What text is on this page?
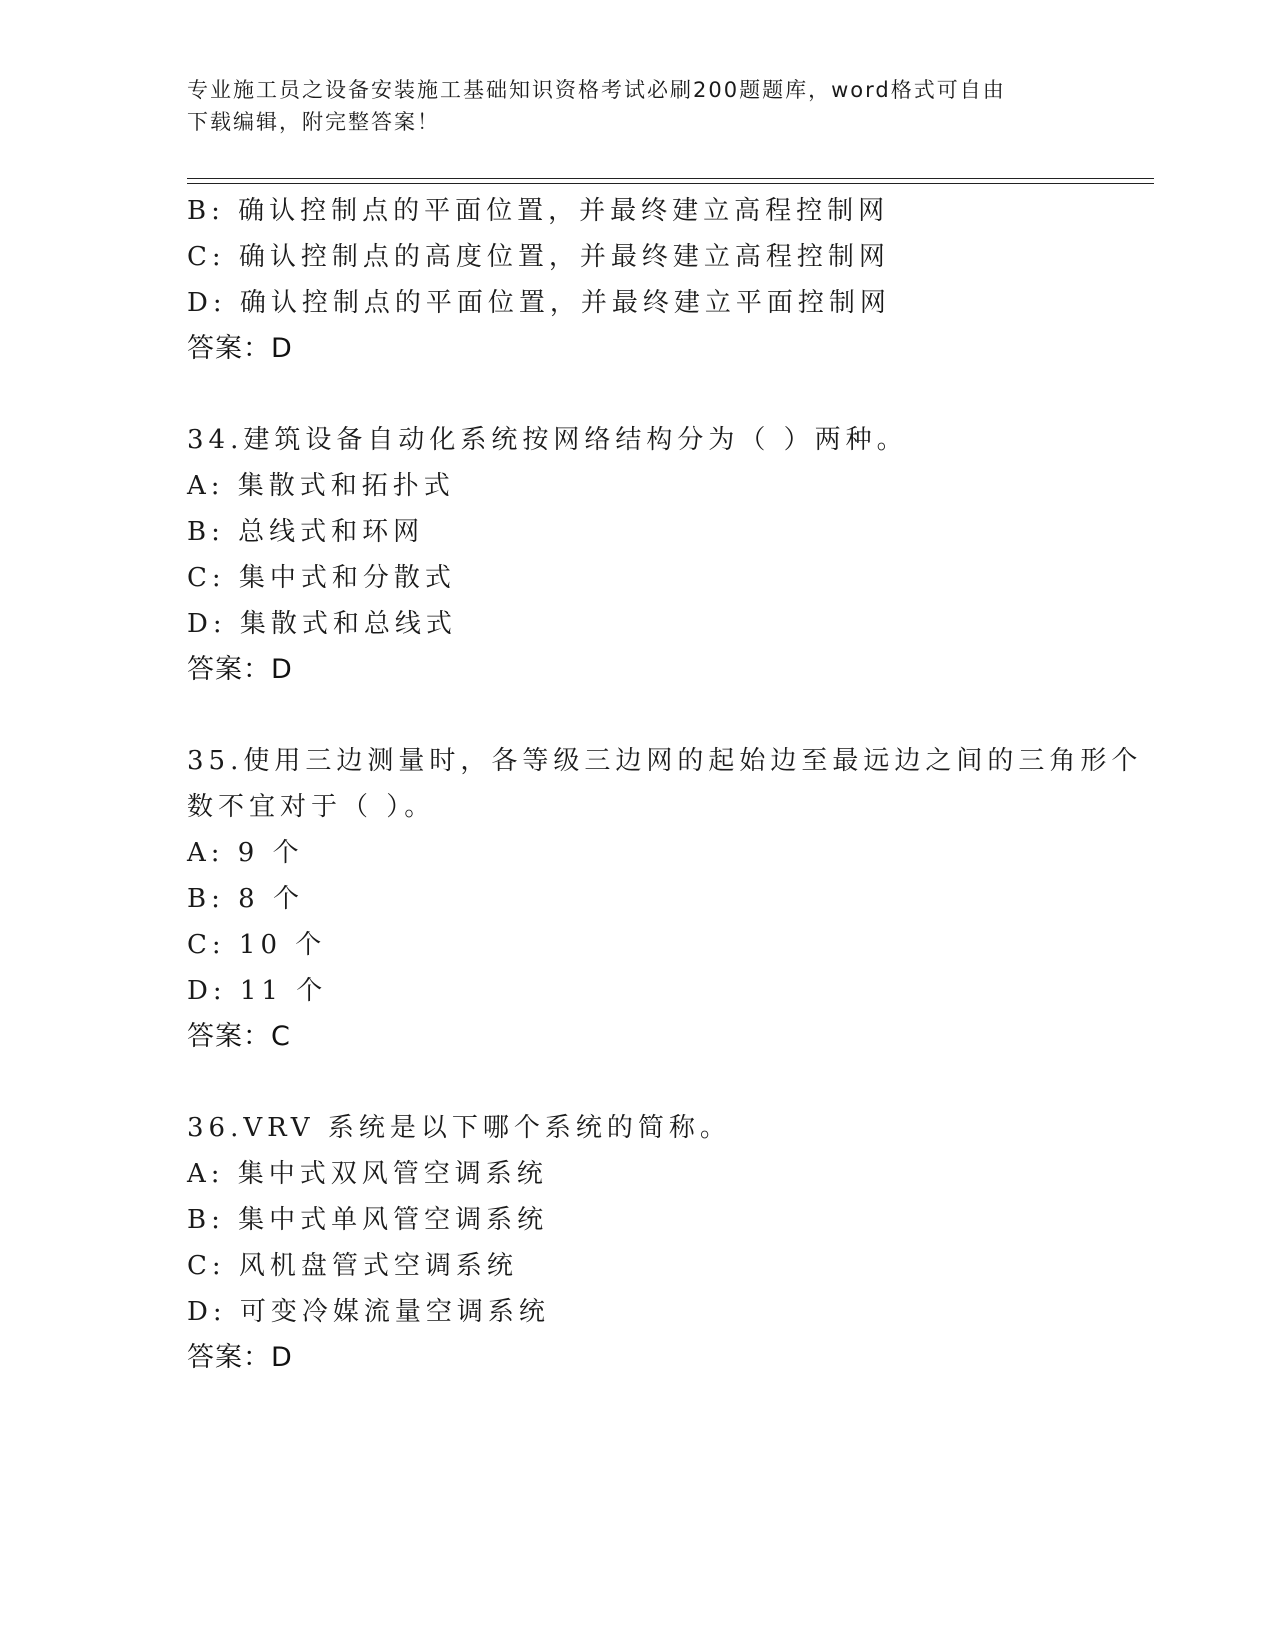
专业施工员之设备安装施工基础知识资格考试必刷200题题库，word格式可自由
下载编辑，附完整答案！
B: 确认控制点的平面位置，并最终建立高程控制网
C: 确认控制点的高度位置，并最终建立高程控制网
D: 确认控制点的平面位置，并最终建立平面控制网
答案：D
34.建筑设备自动化系统按网络结构分为（ ）两种。
A: 集散式和拓扑式
B: 总线式和环网
C: 集中式和分散式
D: 集散式和总线式
答案：D
35.使用三边测量时，各等级三边网的起始边至最远边之间的三角形个
数不宜对于（ ）。
A: 9 个
B: 8 个
C: 10 个
D: 11 个
答案：C
36.VRV 系统是以下哪个系统的简称。
A: 集中式双风管空调系统
B: 集中式单风管空调系统
C: 风机盘管式空调系统
D: 可变冷媒流量空调系统
答案：D
